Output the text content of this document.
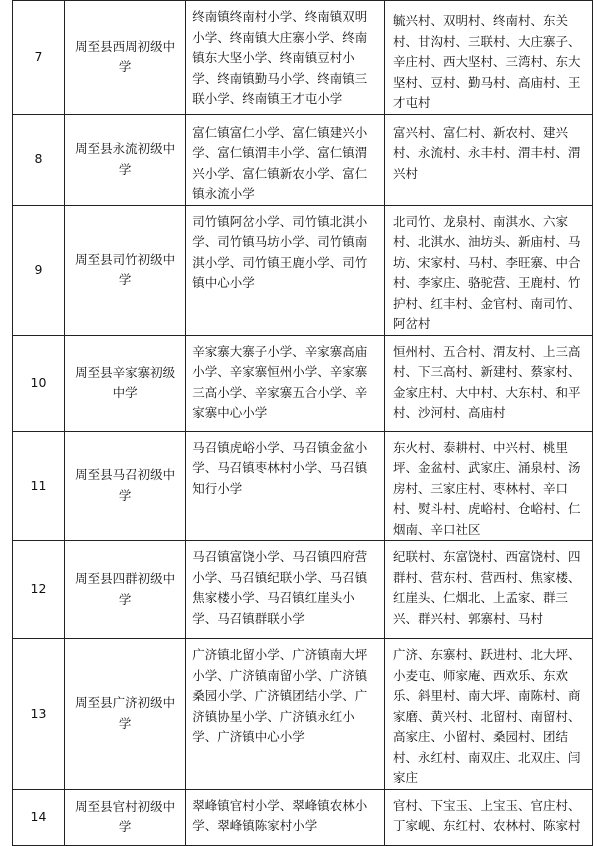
7	周至县西周初级中学	终南镇终南村小学、终南镇双明小学、终南镇大庄寨小学、终南镇东大坚小学、终南镇豆村小学、终南镇勤马小学、终南镇三联小学、终南镇王才屯小学	毓兴村、双明村、终南村、东关村、甘沟村、三联村、大庄寨子、辛庄村、西大坚村、三湾村、东大坚村、豆村、勤马村、高庙村、王才屯村

8	周至县永流初级中学	富仁镇富仁小学、富仁镇建兴小学、富仁镇渭丰小学、富仁镇渭兴小学、富仁镇新农小学、富仁镇永流小学	富兴村、富仁村、新农村、建兴村、永流村、永丰村、渭丰村、渭兴村

9	周至县司竹初级中学	司竹镇阿岔小学、司竹镇北淇小学、司竹镇马坊小学、司竹镇南淇小学、司竹镇王鹿小学、司竹镇中心小学	北司竹、龙泉村、南淇水、六家村、北淇水、油坊头、新庙村、马坊、宋家村、马村、李旺寨、中合村、李家庄、骆驼营、王鹿村、竹护村、红丰村、金官村、南司竹、阿岔村

10	周至县辛家寨初级中学	辛家寨大寨子小学、辛家寨高庙小学、辛家寨恒州小学、辛家寨三高小学、辛家寨五合小学、辛家寨中心小学	恒州村、五合村、渭友村、上三高村、下三高村、新建村、蔡家村、金家庄村、大中村、大东村、和平村、沙河村、高庙村

11	周至县马召初级中学	马召镇虎峪小学、马召镇金盆小学、马召镇枣林村小学、马召镇知行小学	东火村、泰耕村、中兴村、桃里坪、金盆村、武家庄、涌泉村、汤房村、三家庄村、枣林村、辛口村、熨斗村、虎峪村、仓峪村、仁烟南、辛口社区

12	周至县四群初级中学	马召镇富饶小学、马召镇四府营小学、马召镇纪联小学、马召镇焦家楼小学、马召镇红崖头小学、马召镇群联小学	纪联村、东富饶村、西富饶村、四群村、营东村、营西村、焦家楼、红崖头、仁烟北、上孟家、群三兴、群兴村、郭寨村、马村

13	周至县广济初级中学	广济镇北留小学、广济镇南大坪小学、广济镇南留小学、广济镇桑园小学、广济镇团结小学、广济镇协星小学、广济镇永红小学、广济镇中心小学	广济、东寨村、跃进村、北大坪、小麦屯、师家庵、西欢乐、东欢乐、斜里村、南大坪、南陈村、商家磨、黄兴村、北留村、南留村、高家庄、小留村、桑园村、团结村、永红村、南双庄、北双庄、闫家庄

14	周至县官村初级中学	翠峰镇官村小学、翠峰镇农林小学、翠峰镇陈家村小学	官村、下宝玉、上宝玉、官庄村、丁家岘、东红村、农林村、陈家村
